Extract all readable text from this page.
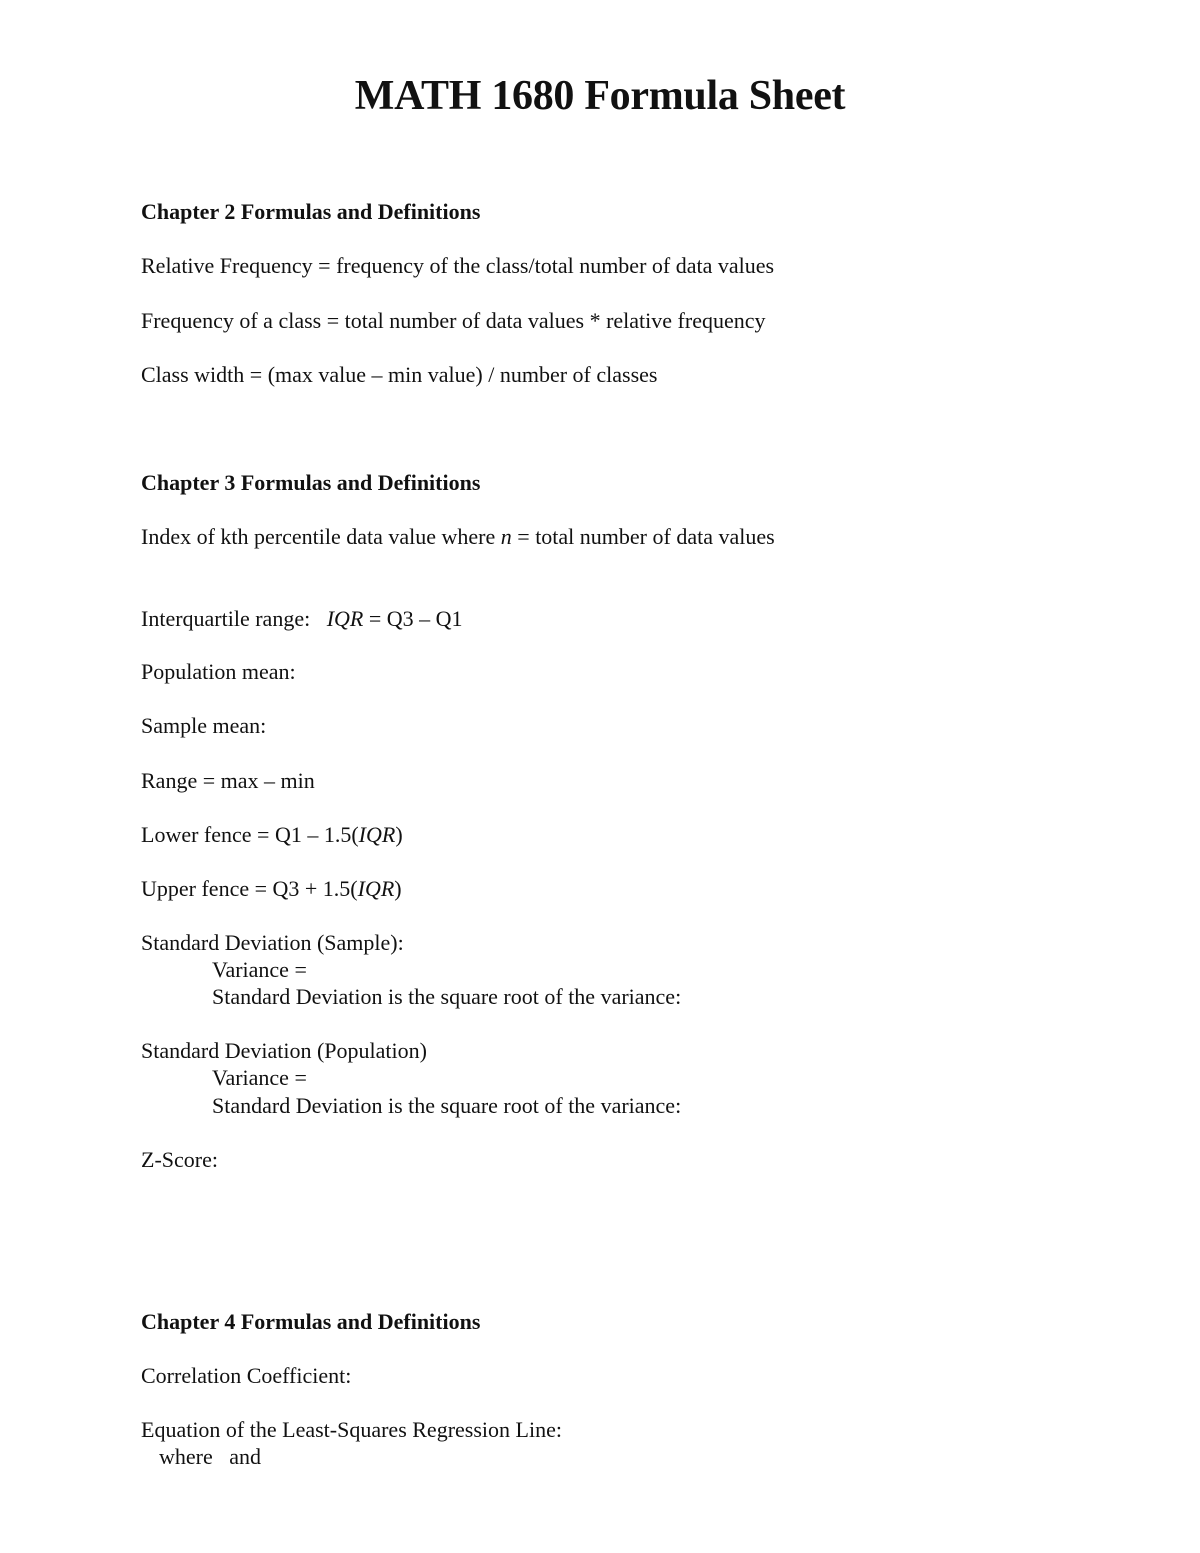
MATH 1680 Formula Sheet
Chapter 2 Formulas and Definitions
Relative Frequency = frequency of the class/total number of data values
Frequency of a class = total number of data values * relative frequency
Class width = (max value – min value) / number of classes
Chapter 3 Formulas and Definitions
Index of kth percentile data value where n = total number of data values
Interquartile range:   IQR = Q3 – Q1
Population mean:
Sample mean:
Range = max – min
Lower fence = Q1 – 1.5(IQR)
Upper fence = Q3 + 1.5(IQR)
Standard Deviation (Sample):
Variance =
Standard Deviation is the square root of the variance:
Standard Deviation (Population)
Variance =
Standard Deviation is the square root of the variance:
Z-Score:
Chapter 4 Formulas and Definitions
Correlation Coefficient:
Equation of the Least-Squares Regression Line:
where   and
